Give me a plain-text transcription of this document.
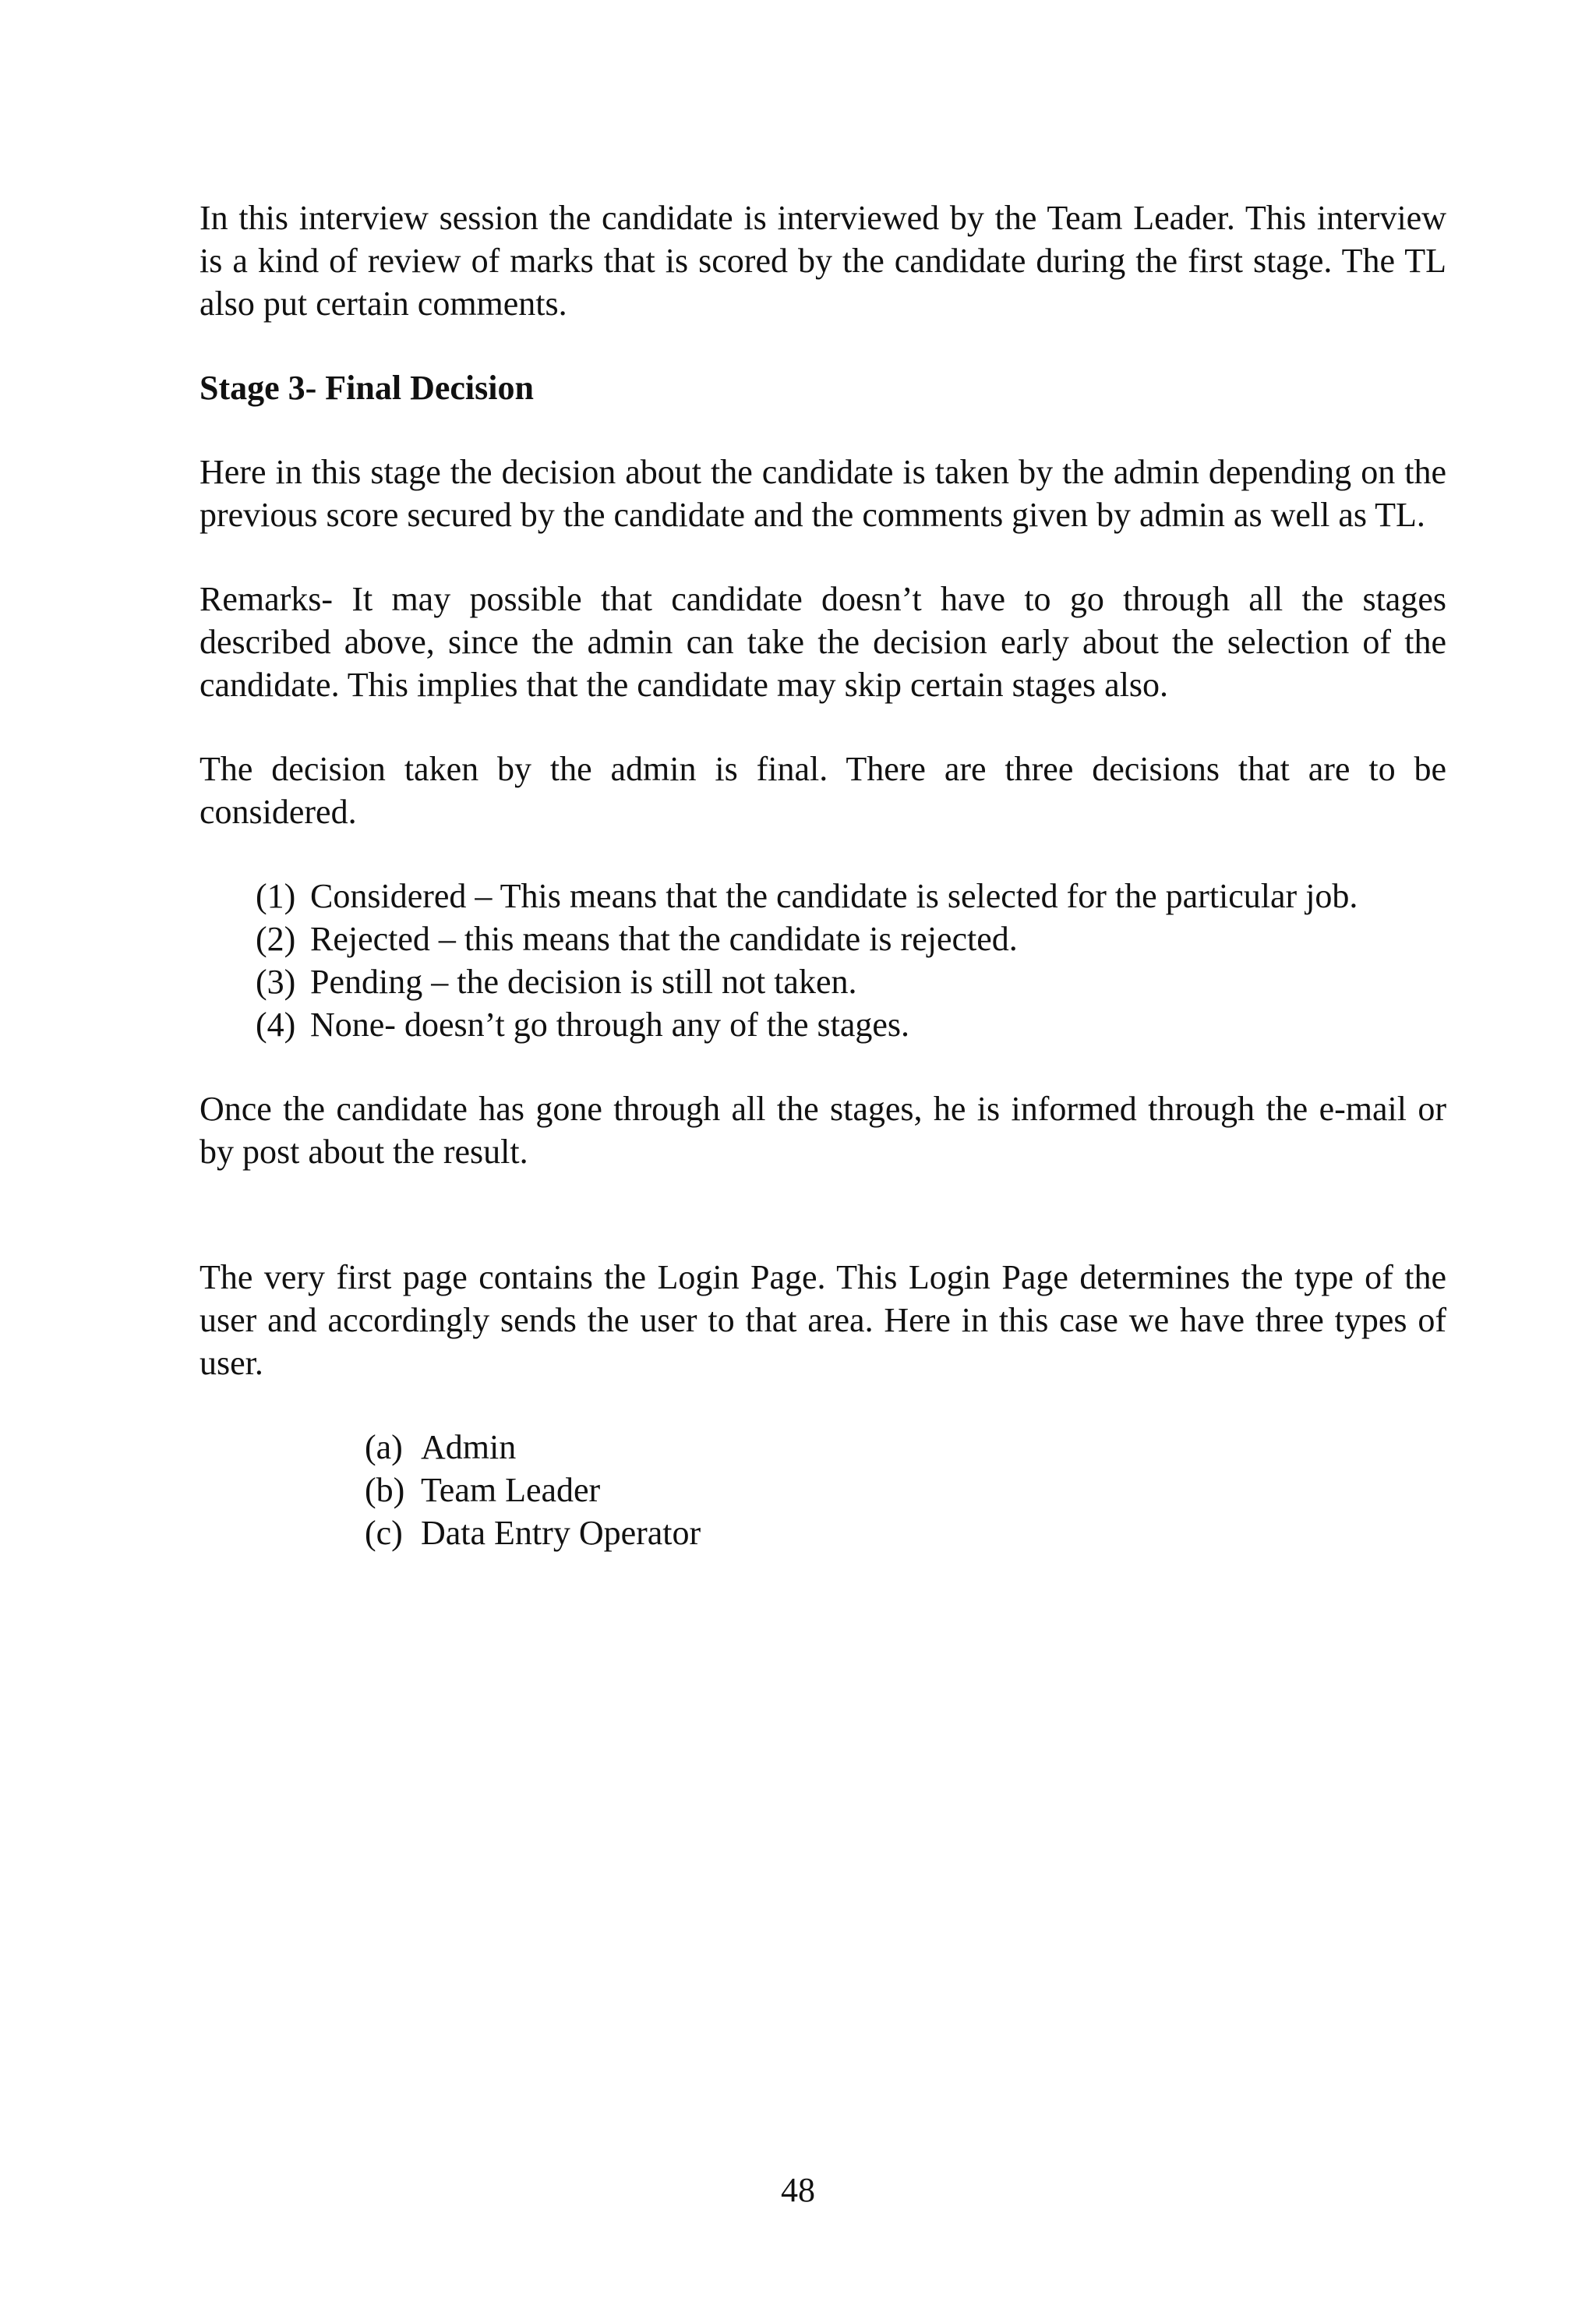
In this interview session the candidate is interviewed by the Team Leader. This interview is a kind of review of marks that is scored by the candidate during the first stage. The TL also put certain comments.

Stage 3- Final Decision

Here in this stage the decision about the candidate is taken by the admin depending on the previous score secured by the candidate and the comments given by admin as well as TL.

Remarks- It may possible that candidate doesn’t have to go through all the stages described above, since the admin can take the decision early about the selection of the candidate. This implies that the candidate may skip certain stages also.

The decision taken by the admin is final. There are three decisions that are to be considered.

(1) Considered – This means that the candidate is selected for the particular job.
(2) Rejected – this means that the candidate is rejected.
(3) Pending – the decision is still not taken.
(4) None- doesn’t go through any of the stages.

Once the candidate has gone through all the stages, he is informed through the e-mail or by post about the result.

The very first page contains the Login Page. This Login Page determines the type of the user and accordingly sends the user to that area. Here in this case we have three types of user.

(a) Admin
(b) Team Leader
(c) Data Entry Operator
48
